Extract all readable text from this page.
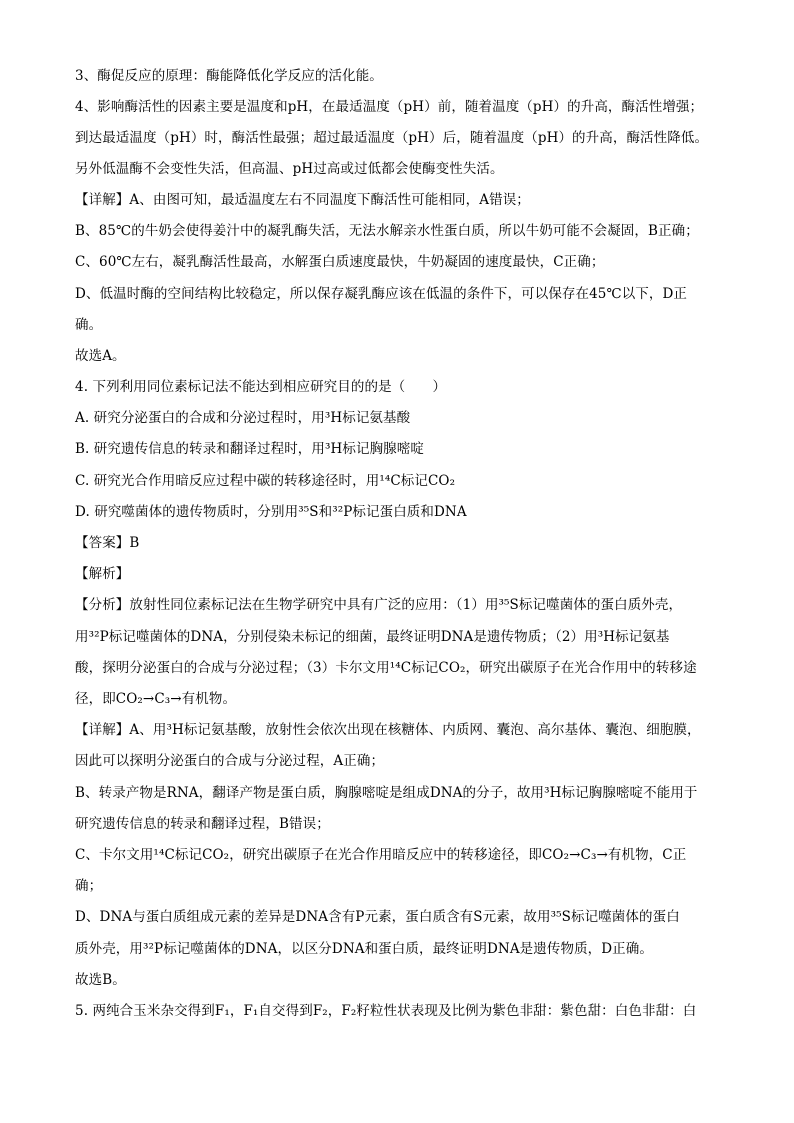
3、酶促反应的原理：酶能降低化学反应的活化能。
4、影响酶活性的因素主要是温度和pH，在最适温度（pH）前，随着温度（pH）的升高，酶活性增强；
到达最适温度（pH）时，酶活性最强；超过最适温度（pH）后，随着温度（pH）的升高，酶活性降低。
另外低温酶不会变性失活，但高温、pH过高或过低都会使酶变性失活。
【详解】A、由图可知，最适温度左右不同温度下酶活性可能相同，A错误；
B、85℃的牛奶会使得姜汁中的凝乳酶失活，无法水解亲水性蛋白质，所以牛奶可能不会凝固，B正确；
C、60℃左右，凝乳酶活性最高，水解蛋白质速度最快，牛奶凝固的速度最快，C正确；
D、低温时酶的空间结构比较稳定，所以保存凝乳酶应该在低温的条件下，可以保存在45℃以下，D正
确。
故选A。
4. 下列利用同位素标记法不能达到相应研究目的的是（　　）
A. 研究分泌蛋白的合成和分泌过程时，用³H标记氨基酸
B. 研究遗传信息的转录和翻译过程时，用³H标记胸腺嘧啶
C. 研究光合作用暗反应过程中碳的转移途径时，用¹⁴C标记CO₂
D. 研究噬菌体的遗传物质时，分别用³⁵S和³²P标记蛋白质和DNA
【答案】B
【解析】
【分析】放射性同位素标记法在生物学研究中具有广泛的应用：（1）用³⁵S标记噬菌体的蛋白质外壳，
用³²P标记噬菌体的DNA，分别侵染未标记的细菌，最终证明DNA是遗传物质；（2）用³H标记氨基
酸，探明分泌蛋白的合成与分泌过程；（3）卡尔文用¹⁴C标记CO₂，研究出碳原子在光合作用中的转移途
径，即CO₂→C₃→有机物。
【详解】A、用³H标记氨基酸，放射性会依次出现在核糖体、内质网、囊泡、高尔基体、囊泡、细胞膜，
因此可以探明分泌蛋白的合成与分泌过程，A正确；
B、转录产物是RNA，翻译产物是蛋白质，胸腺嘧啶是组成DNA的分子，故用³H标记胸腺嘧啶不能用于
研究遗传信息的转录和翻译过程，B错误；
C、卡尔文用¹⁴C标记CO₂，研究出碳原子在光合作用暗反应中的转移途径，即CO₂→C₃→有机物，C正
确；
D、DNA与蛋白质组成元素的差异是DNA含有P元素，蛋白质含有S元素，故用³⁵S标记噬菌体的蛋白
质外壳，用³²P标记噬菌体的DNA，以区分DNA和蛋白质，最终证明DNA是遗传物质，D正确。
故选B。
5. 两纯合玉米杂交得到F₁，F₁自交得到F₂，F₂籽粒性状表现及比例为紫色非甜：紫色甜：白色非甜：白
